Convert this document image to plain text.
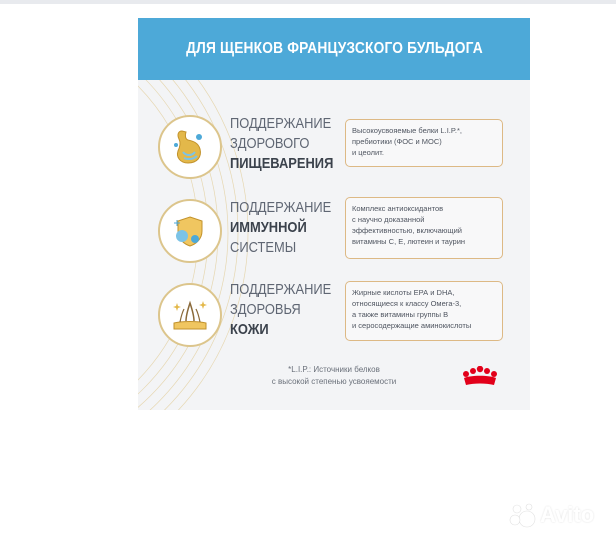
ДЛЯ ЩЕНКОВ ФРАНЦУЗСКОГО БУЛЬДОГА
ПОДДЕРЖАНИЕ
ЗДОРОВОГО
ПИЩЕВАРЕНИЯ
Высокоусвояемые белки L.I.P.*,
пребиотики (ФОС и МОС)
и цеолит.
ПОДДЕРЖАНИЕ
ИММУННОЙ
СИСТЕМЫ
Комплекс антиоксидантов
с научно доказанной
эффективностью, включающий
витамины С, Е, лютеин и таурин
ПОДДЕРЖАНИЕ
ЗДОРОВЬЯ
КОЖИ
Жирные кислоты ЕРА и DHA,
относящиеся к классу Омега-3,
а также витамины группы В
и серосодержащие аминокислоты
*L.I.P.: Источники белков
с высокой степенью усвояемости
Avito
